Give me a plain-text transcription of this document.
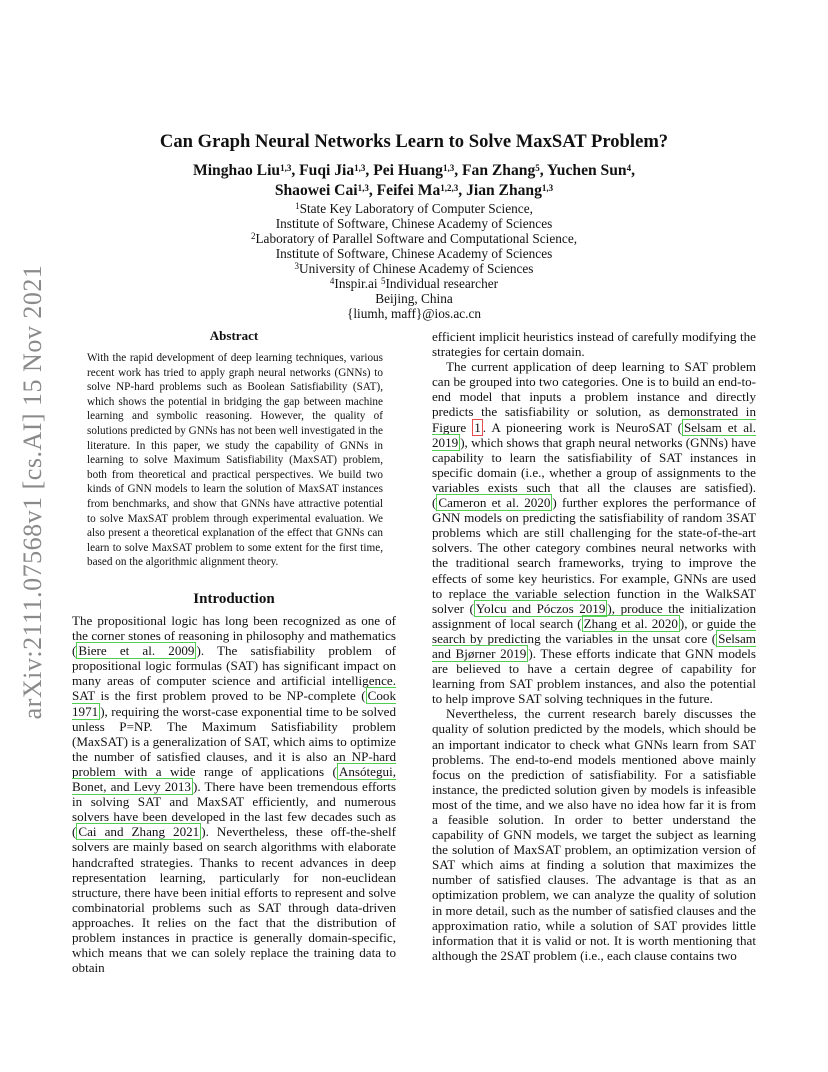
arXiv:2111.07568v1 [cs.AI] 15 Nov 2021
Can Graph Neural Networks Learn to Solve MaxSAT Problem?
Minghao Liu$^{1,3}$, Fuqi Jia$^{1,3}$, Pei Huang$^{1,3}$, Fan Zhang$^5$, Yuchen Sun$^4$,
Shaowei Cai$^{1,3}$, Feifei Ma$^{1,2,3}$, Jian Zhang$^{1,3}$
$^1$State Key Laboratory of Computer Science,
Institute of Software, Chinese Academy of Sciences
$^2$Laboratory of Parallel Software and Computational Science,
Institute of Software, Chinese Academy of Sciences
$^3$University of Chinese Academy of Sciences
$^4$Inspir.ai $^5$Individual researcher
Beijing, China
{liumh, maff}@ios.ac.cn
Abstract
With the rapid development of deep learning techniques, various recent work has tried to apply graph neural networks (GNNs) to solve NP-hard problems such as Boolean Satisfiability (SAT), which shows the potential in bridging the gap between machine learning and symbolic reasoning. However, the quality of solutions predicted by GNNs has not been well investigated in the literature. In this paper, we study the capability of GNNs in learning to solve Maximum Satisfiability (MaxSAT) problem, both from theoretical and practical perspectives. We build two kinds of GNN models to learn the solution of MaxSAT instances from benchmarks, and show that GNNs have attractive potential to solve MaxSAT problem through experimental evaluation. We also present a theoretical explanation of the effect that GNNs can learn to solve MaxSAT problem to some extent for the first time, based on the algorithmic alignment theory.
Introduction

The propositional logic has long been recognized as one of the corner stones of reasoning in philosophy and mathematics ( Biere et al. 2009 ). The satisfiability problem of propositional logic formulas (SAT) has significant impact on many areas of computer science and artificial intelligence. SAT is the first problem proved to be NP-complete ( Cook 1971 ), requiring the worst-case exponential time to be solved unless P=NP. The Maximum Satisfiability problem (MaxSAT) is a generalization of SAT, which aims to optimize the number of satisfied clauses, and it is also an NP-hard problem with a wide range of applications ( Ansótegui, Bonet, and Levy 2013 ). There have been tremendous efforts in solving SAT and MaxSAT efficiently, and numerous solvers have been developed in the last few decades such as ( Cai and Zhang 2021 ). Nevertheless, these off-the-shelf solvers are mainly based on search algorithms with elaborate handcrafted strategies. Thanks to recent advances in deep representation learning, particularly for non-euclidean structure, there have been initial efforts to represent and solve combinatorial problems such as SAT through data-driven approaches. It relies on the fact that the distribution of problem instances in practice is generally domain-specific, which means that we can solely replace the training data to obtain

efficient implicit heuristics instead of carefully modifying the strategies for certain domain.

The current application of deep learning to SAT problem can be grouped into two categories. One is to build an end-to-end model that inputs a problem instance and directly predicts the satisfiability or solution, as demonstrated in Figure 1 . A pioneering work is NeuroSAT ( Selsam et al. 2019 ), which shows that graph neural networks (GNNs) have capability to learn the satisfiability of SAT instances in specific domain (i.e., whether a group of assignments to the variables exists such that all the clauses are satisfied). ( Cameron et al. 2020 ) further explores the performance of GNN models on predicting the satisfiability of random 3SAT problems which are still challenging for the state-of-the-art solvers. The other category combines neural networks with the traditional search frameworks, trying to improve the effects of some key heuristics. For example, GNNs are used to replace the variable selection function in the WalkSAT solver ( Yolcu and Póczos 2019 ), produce the initialization assignment of local search ( Zhang et al. 2020 ), or guide the search by predicting the variables in the unsat core ( Selsam and Bjørner 2019 ). These efforts indicate that GNN models are believed to have a certain degree of capability for learning from SAT problem instances, and also the potential to help improve SAT solving techniques in the future.

Nevertheless, the current research barely discusses the quality of solution predicted by the models, which should be an important indicator to check what GNNs learn from SAT problems. The end-to-end models mentioned above mainly focus on the prediction of satisfiability. For a satisfiable instance, the predicted solution given by models is infeasible most of the time, and we also have no idea how far it is from a feasible solution. In order to better understand the capability of GNN models, we target the subject as learning the solution of MaxSAT problem, an optimization version of SAT which aims at finding a solution that maximizes the number of satisfied clauses. The advantage is that as an optimization problem, we can analyze the quality of solution in more detail, such as the number of satisfied clauses and the approximation ratio, while a solution of SAT provides little information that it is valid or not. It is worth mentioning that although the 2SAT problem (i.e., each clause contains two
